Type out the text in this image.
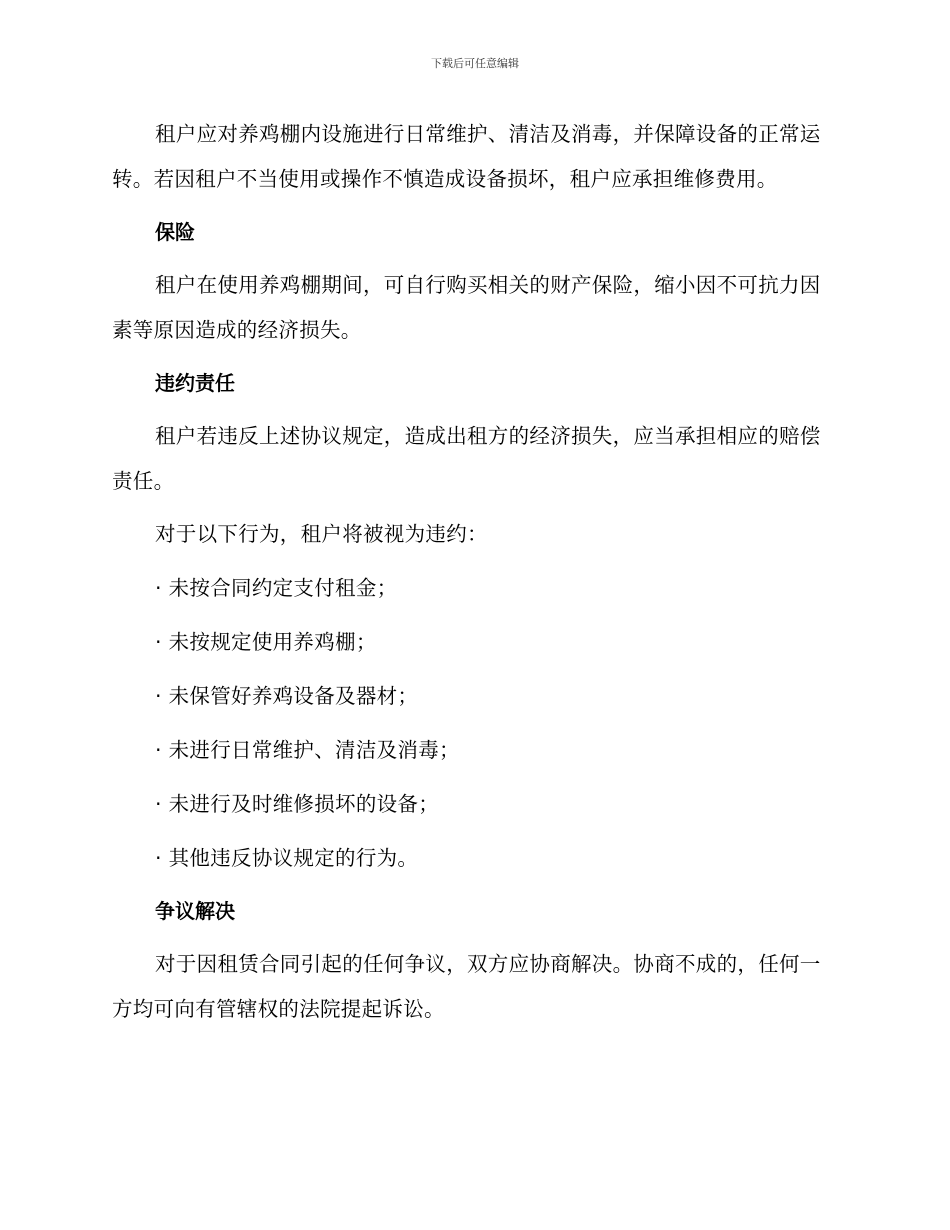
下载后可任意编辑

租户应对养鸡棚内设施进行日常维护、清洁及消毒，并保障设备的正常运转。若因租户不当使用或操作不慎造成设备损坏，租户应承担维修费用。

保险

租户在使用养鸡棚期间，可自行购买相关的财产保险，缩小因不可抗力因素等原因造成的经济损失。

违约责任

租户若违反上述协议规定，造成出租方的经济损失，应当承担相应的赔偿责任。

对于以下行为，租户将被视为违约：

· 未按合同约定支付租金；

· 未按规定使用养鸡棚；

· 未保管好养鸡设备及器材；

· 未进行日常维护、清洁及消毒；

· 未进行及时维修损坏的设备；

· 其他违反协议规定的行为。

争议解决

对于因租赁合同引起的任何争议，双方应协商解决。协商不成的，任何一方均可向有管辖权的法院提起诉讼。
